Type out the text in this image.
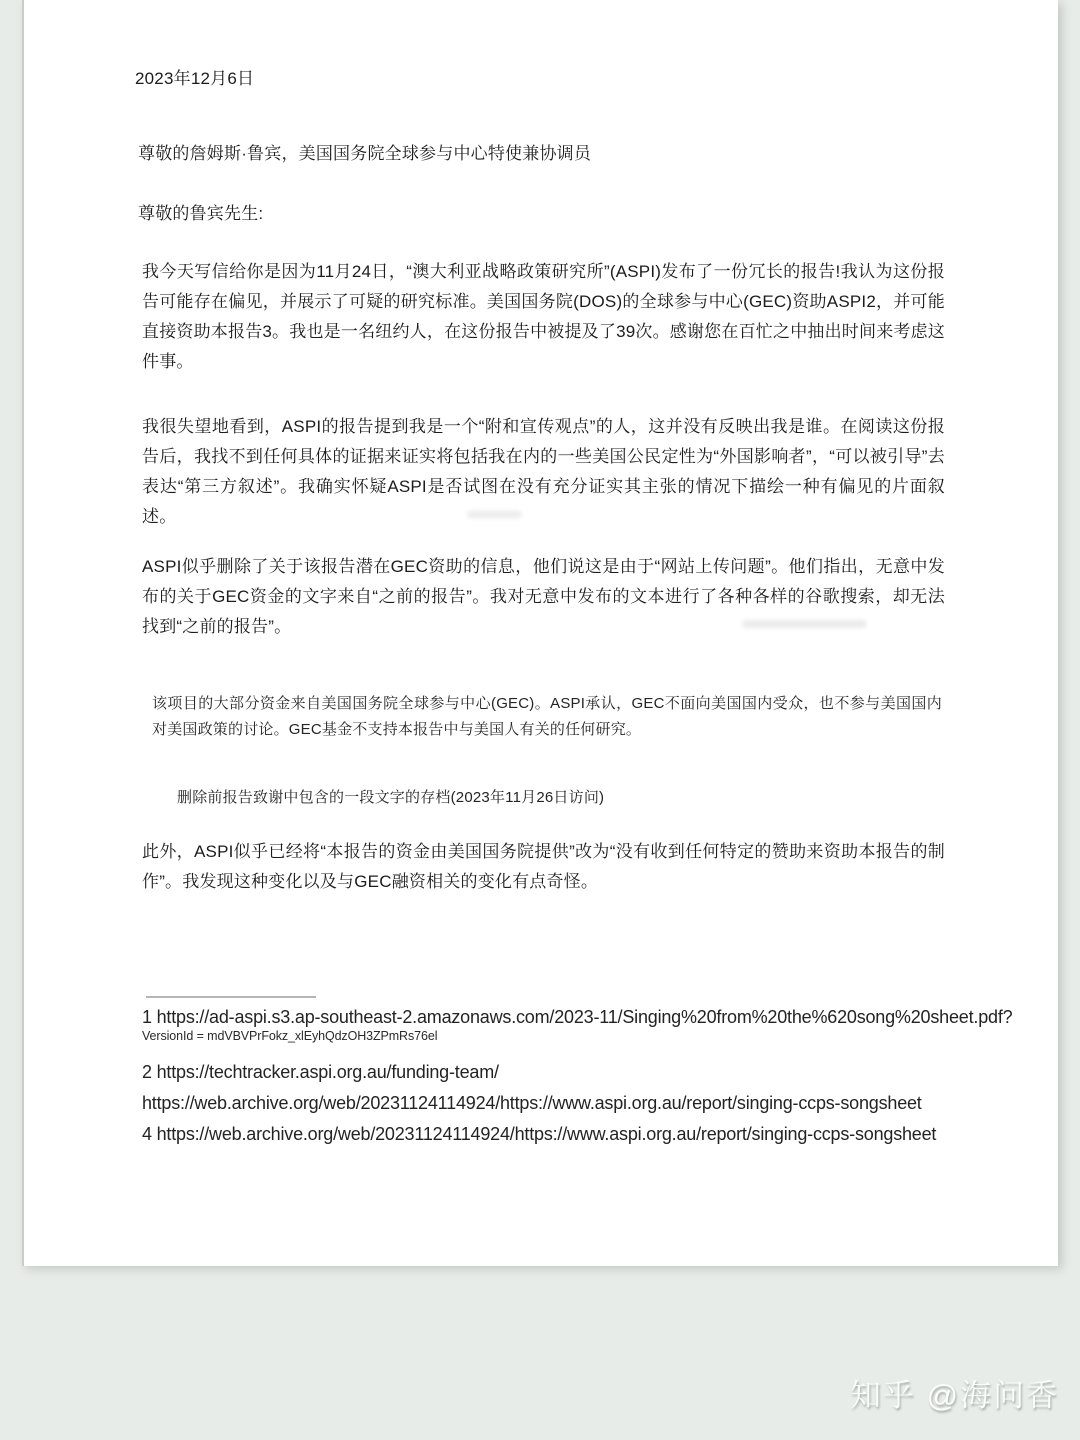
2023年12月6日
尊敬的詹姆斯·鲁宾，美国国务院全球参与中心特使兼协调员
尊敬的鲁宾先生:
我今天写信给你是因为11月24日，“澳大利亚战略政策研究所”(ASPI)发布了一份冗长的报告!我认为这份报告可能存在偏见，并展示了可疑的研究标准。美国国务院(DOS)的全球参与中心(GEC)资助ASPI2，并可能直接资助本报告3。我也是一名纽约人，在这份报告中被提及了39次。感谢您在百忙之中抽出时间来考虑这件事。
我很失望地看到，ASPI的报告提到我是一个“附和宣传观点”的人，这并没有反映出我是谁。在阅读这份报告后，我找不到任何具体的证据来证实将包括我在内的一些美国公民定性为“外国影响者”，“可以被引导”去表达“第三方叙述”。我确实怀疑ASPI是否试图在没有充分证实其主张的情况下描绘一种有偏见的片面叙述。
ASPI似乎删除了关于该报告潜在GEC资助的信息，他们说这是由于“网站上传问题”。他们指出，无意中发布的关于GEC资金的文字来自“之前的报告”。我对无意中发布的文本进行了各种各样的谷歌搜索，却无法找到“之前的报告”。
该项目的大部分资金来自美国国务院全球参与中心(GEC)。ASPI承认，GEC不面向美国国内受众，也不参与美国国内对美国政策的讨论。GEC基金不支持本报告中与美国人有关的任何研究。
删除前报告致谢中包含的一段文字的存档(2023年11月26日访问)
此外，ASPI似乎已经将“本报告的资金由美国国务院提供”改为“没有收到任何特定的赞助来资助本报告的制作”。我发现这种变化以及与GEC融资相关的变化有点奇怪。
1 https://ad-aspi.s3.ap-southeast-2.amazonaws.com/2023-11/Singing%20from%20the%620song%20sheet.pdf?
VersionId = mdVBVPrFokz_xlEyhQdzOH3ZPmRs76el
2 https://techtracker.aspi.org.au/funding-team/
https://web.archive.org/web/20231124114924/https://www.aspi.org.au/report/singing-ccps-songsheet
4 https://web.archive.org/web/20231124114924/https://www.aspi.org.au/report/singing-ccps-songsheet
知乎 @海问香
